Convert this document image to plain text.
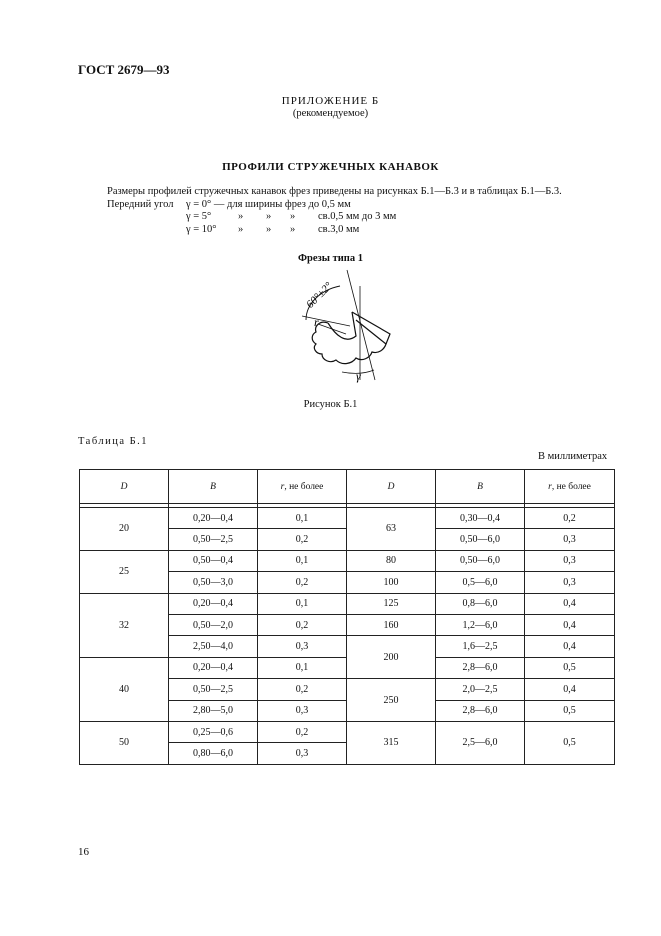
ГОСТ 2679—93
ПРИЛОЖЕНИЕ Б
(рекомендуемое)
ПРОФИЛИ СТРУЖЕЧНЫХ КАНАВОК
Размеры профилей стружечных канавок фрез приведены на рисунках Б.1—Б.3 и в таблицах Б.1—Б.3.
Передний угол γ = 0° — для ширины фрез до 0,5 мм
γ = 5°	» » » св.0,5 мм до 3 мм
γ = 10° » » » св.3,0 мм
Фрезы типа 1
60°±2°
r
γ
Рисунок Б.1
Таблица Б.1
В миллиметрах
D	B	r, не более	D	B	r, не более

20	0,20—0,4	0,1	63	0,30—0,4	0,2
	0,50—2,5	0,2		0,50—6,0	0,3
25	0,50—0,4	0,1	80	0,50—6,0	0,3
	0,50—3,0	0,2	100	0,5—6,0	0,3
32	0,20—0,4	0,1	125	0,8—6,0	0,4
	0,50—2,0	0,2	160	1,2—6,0	0,4
	2,50—4,0	0,3	200	1,6—2,5	0,4
40	0,20—0,4	0,1		2,8—6,0	0,5
	0,50—2,5	0,2	250	2,0—2,5	0,4
	2,80—5,0	0,3		2,8—6,0	0,5
50	0,25—0,6	0,2	315	2,5—6,0	0,5
	0,80—6,0	0,3			
16
